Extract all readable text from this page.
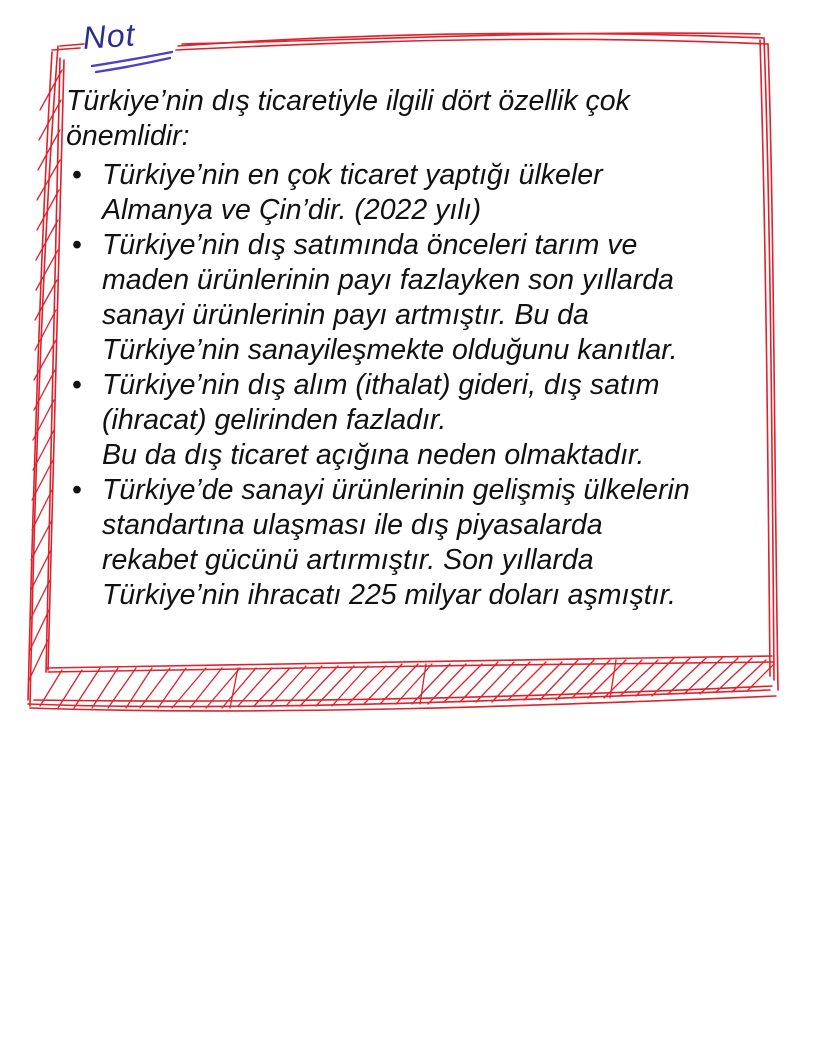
Not

Türkiye’nin dış ticaretiyle ilgili dört özellik çok
önemlidir:

• Türkiye’nin en çok ticaret yaptığı ülkeler
Almanya ve Çin’dir. (2022 yılı)
• Türkiye’nin dış satımında önceleri tarım ve
maden ürünlerinin payı fazlayken son yıllarda
sanayi ürünlerinin payı artmıştır. Bu da
Türkiye’nin sanayileşmekte olduğunu kanıtlar.
• Türkiye’nin dış alım (ithalat) gideri, dış satım
(ihracat) gelirinden fazladır.
Bu da dış ticaret açığına neden olmaktadır.
• Türkiye’de sanayi ürünlerinin gelişmiş ülkelerin
standartına ulaşması ile dış piyasalarda
rekabet gücünü artırmıştır. Son yıllarda
Türkiye’nin ihracatı 225 milyar doları aşmıştır.
